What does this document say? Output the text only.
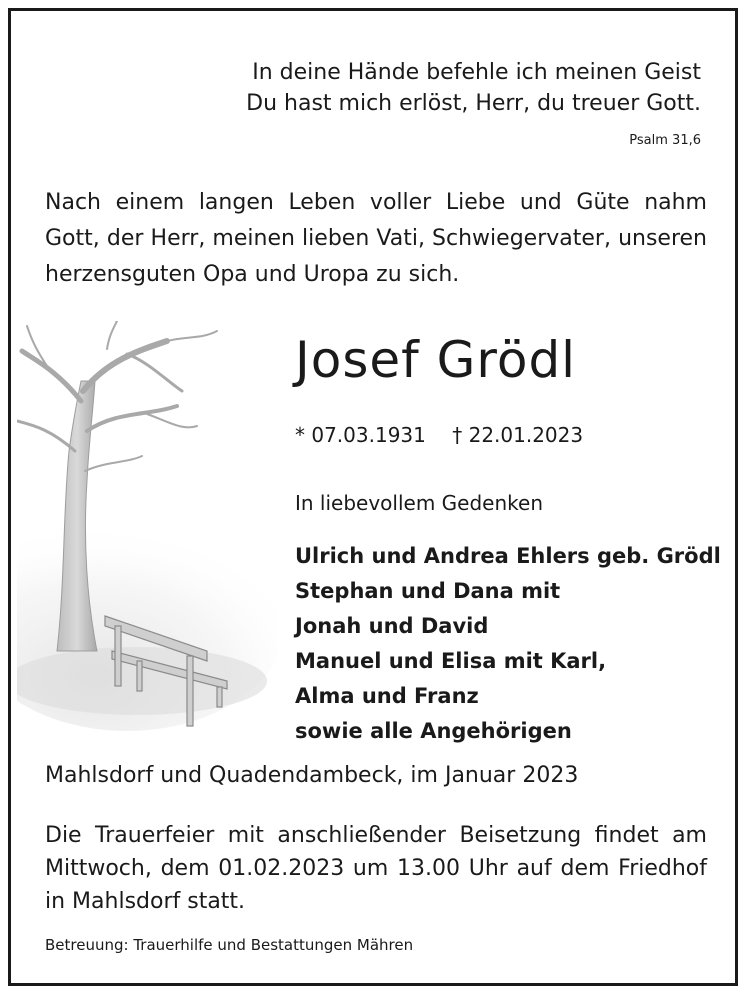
In deine Hände befehle ich meinen Geist
Du hast mich erlöst, Herr, du treuer Gott.
Psalm 31,6
Nach einem langen Leben voller Liebe und Güte nahm Gott, der Herr, meinen lieben Vati, Schwiegervater, unseren herzensguten Opa und Uropa zu sich.
Josef Grödl
* 07.03.1931 † 22.01.2023
In liebevollem Gedenken
Ulrich und Andrea Ehlers geb. Grödl
Stephan und Dana mit
Jonah und David
Manuel und Elisa mit Karl,
Alma und Franz
sowie alle Angehörigen
Mahlsdorf und Quadendambeck, im Januar 2023
Die Trauerfeier mit anschließender Beisetzung findet am Mittwoch, dem 01.02.2023 um 13.00 Uhr auf dem Friedhof in Mahlsdorf statt.
Betreuung: Trauerhilfe und Bestattungen Mähren
